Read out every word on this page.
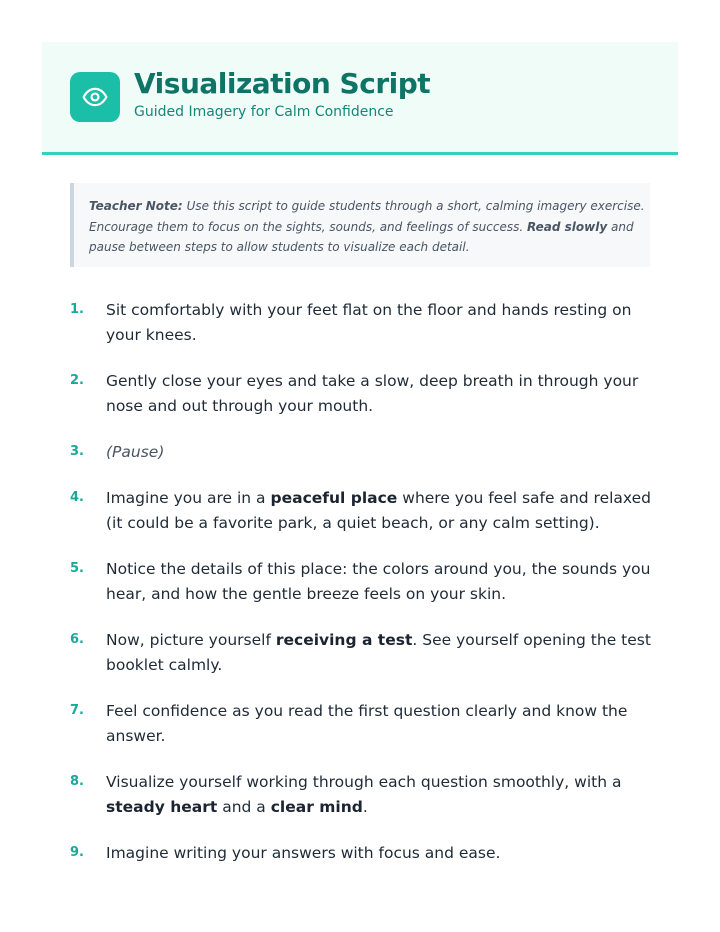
Visualization Script

Guided Imagery for Calm Confidence

Teacher Note: Use this script to guide students through a short, calming imagery exercise. Encourage them to focus on the sights, sounds, and feelings of success. Read slowly and pause between steps to allow students to visualize each detail.

1. Sit comfortably with your feet flat on the floor and hands resting on your knees.
2. Gently close your eyes and take a slow, deep breath in through your nose and out through your mouth.
3. (Pause)
4. Imagine you are in a peaceful place where you feel safe and relaxed (it could be a favorite park, a quiet beach, or any calm setting).
5. Notice the details of this place: the colors around you, the sounds you hear, and how the gentle breeze feels on your skin.
6. Now, picture yourself receiving a test. See yourself opening the test booklet calmly.
7. Feel confidence as you read the first question clearly and know the answer.
8. Visualize yourself working through each question smoothly, with a steady heart and a clear mind.
9. Imagine writing your answers with focus and ease.
